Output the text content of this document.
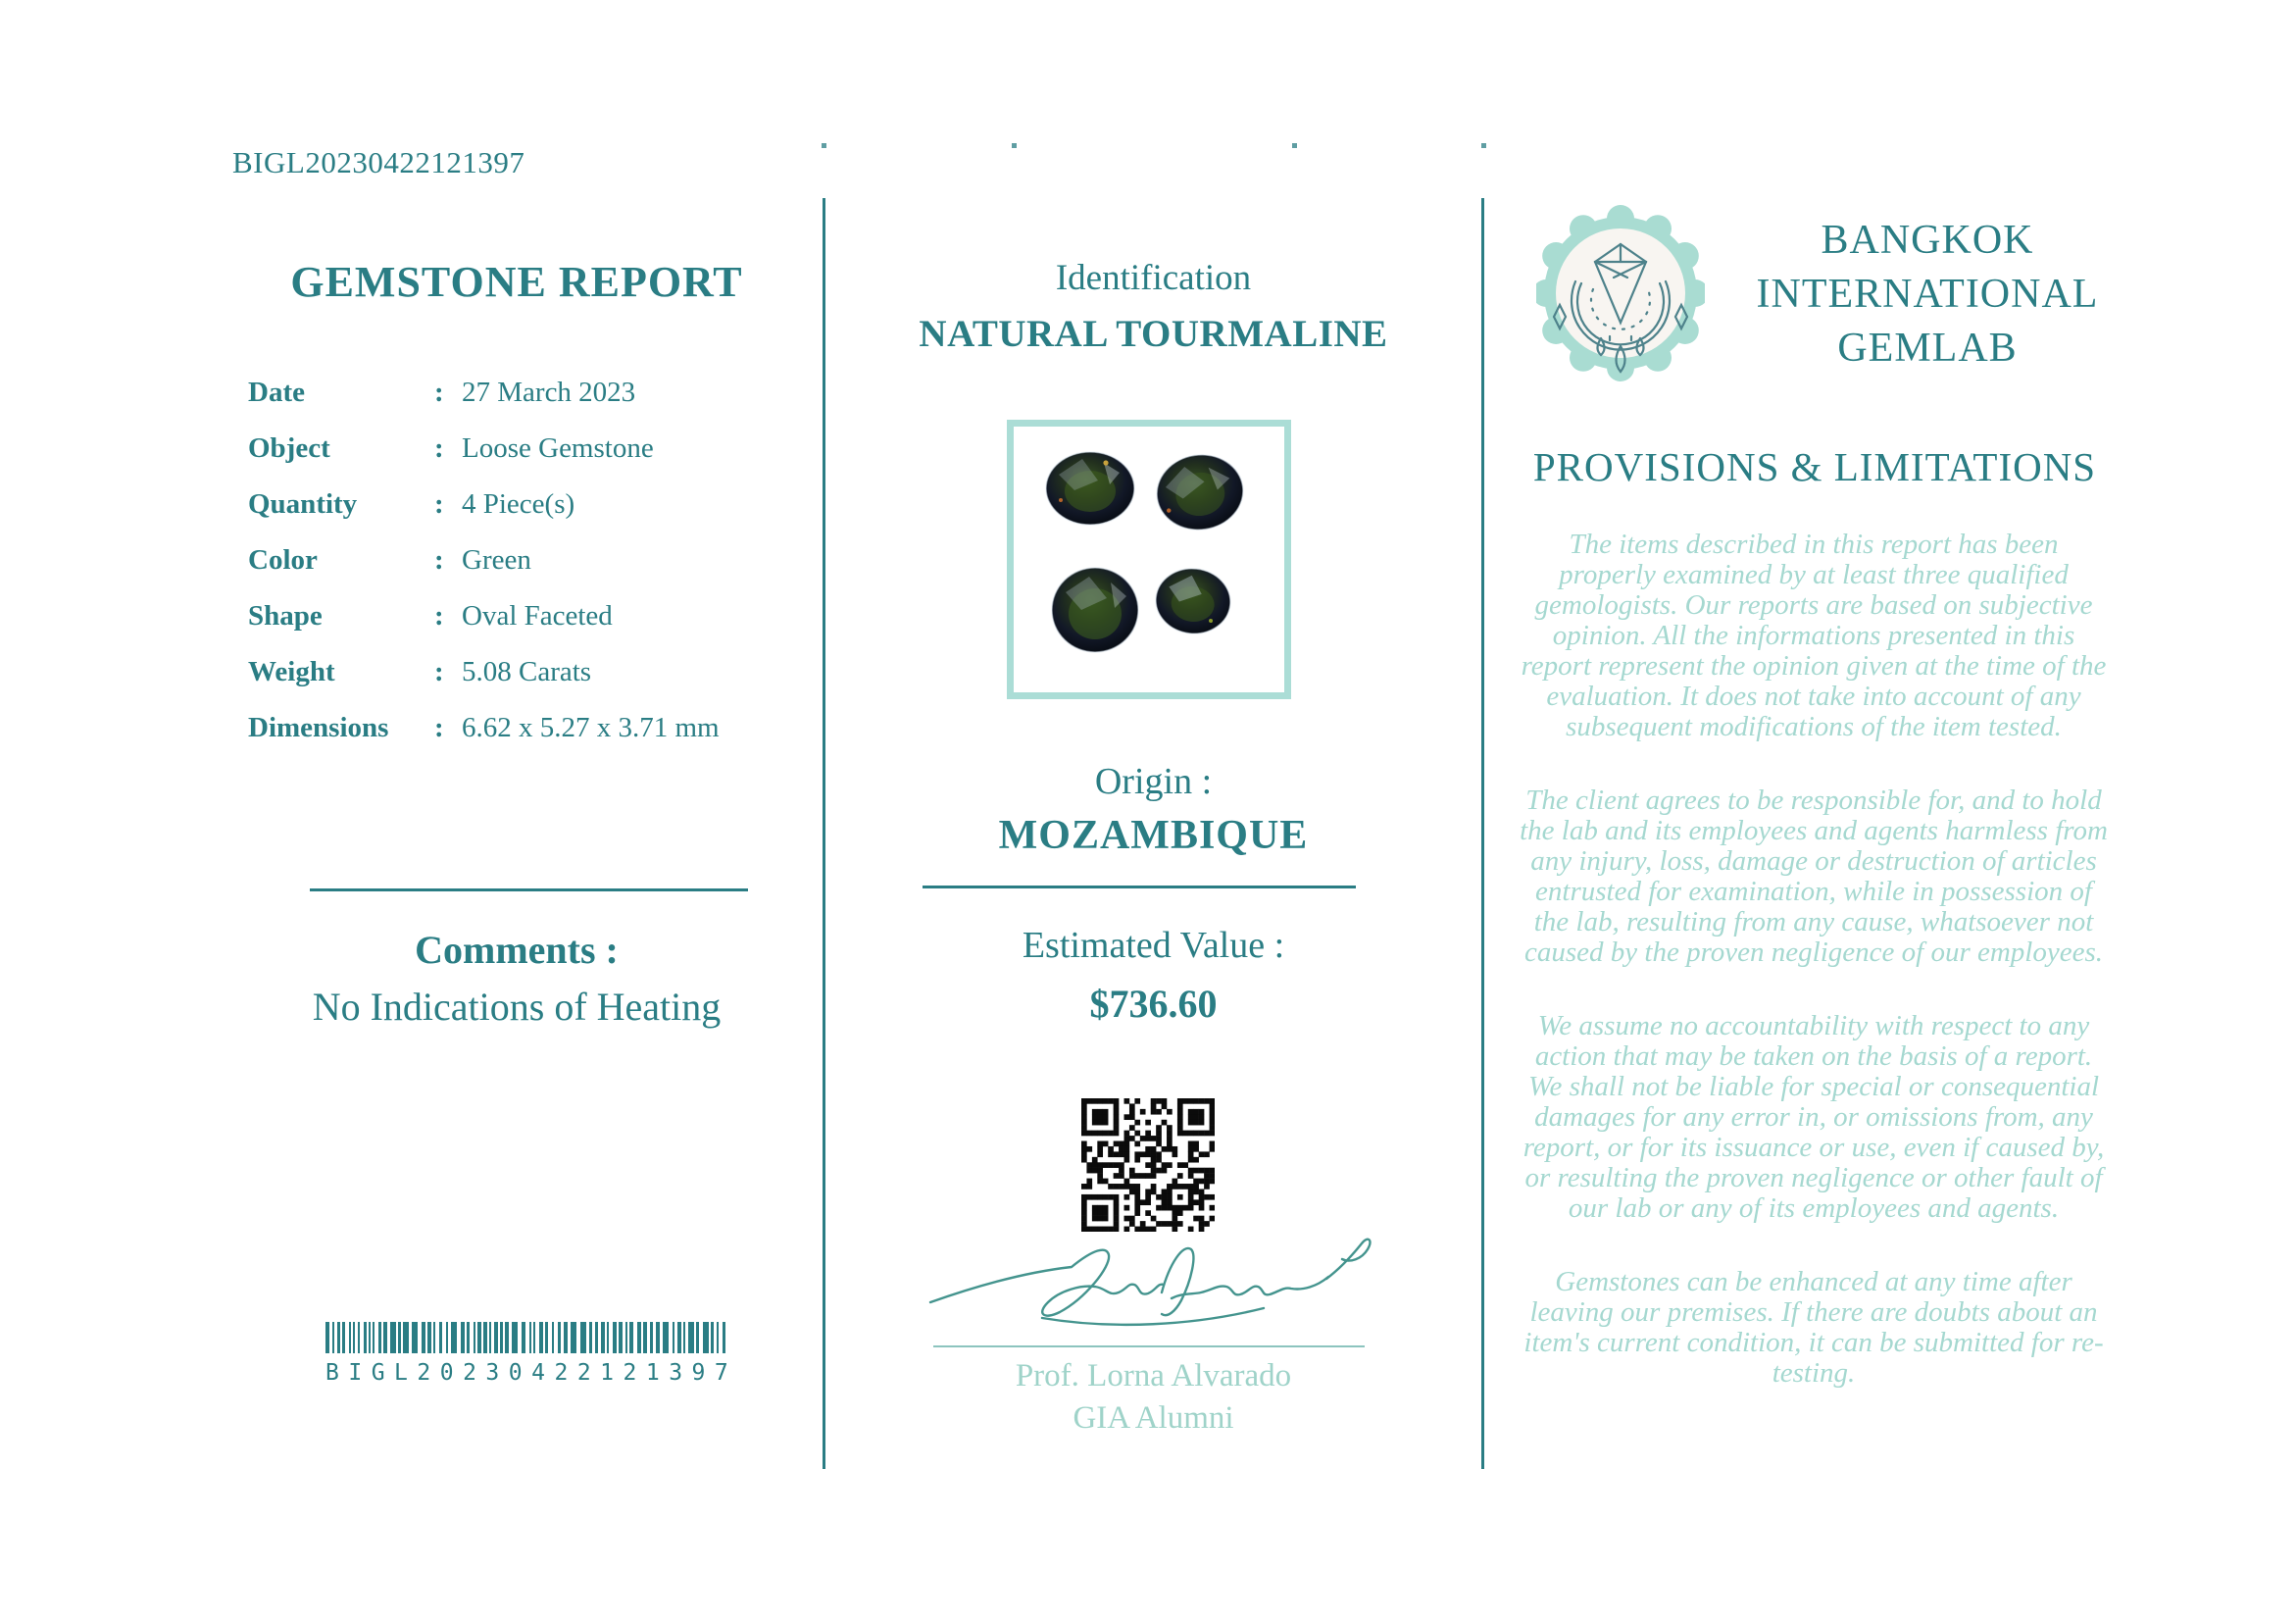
BIGL20230422121397
GEMSTONE REPORT
Date	: 27 March 2023
Object	: Loose Gemstone
Quantity	: 4 Piece(s)
Color	: Green
Shape	: Oval Faceted
Weight	: 5.08 Carats
Dimensions	: 6.62 x 5.27 x 3.71 mm
Comments :
No Indications of Heating
BIGL20230422121397
Identification
NATURAL TOURMALINE
Origin :
MOZAMBIQUE
Estimated Value :
$736.60
Prof. Lorna Alvarado
GIA Alumni
BANGKOK
INTERNATIONAL
GEMLAB
PROVISIONS & LIMITATIONS

The items described in this report has been properly examined by at least three qualified gemologists. Our reports are based on subjective opinion. All the informations presented in this report represent the opinion given at the time of the evaluation. It does not take into account of any subsequent modifications of the item tested.

The client agrees to be responsible for, and to hold the lab and its employees and agents harmless from any injury, loss, damage or destruction of articles entrusted for examination, while in possession of the lab, resulting from any cause, whatsoever not caused by the proven negligence of our employees.

We assume no accountability with respect to any action that may be taken on the basis of a report. We shall not be liable for special or consequential damages for any error in, or omissions from, any report, or for its issuance or use, even if caused by, or resulting the proven negligence or other fault of our lab or any of its employees and agents.

Gemstones can be enhanced at any time after leaving our premises. If there are doubts about an item's current condition, it can be submitted for re-testing.
